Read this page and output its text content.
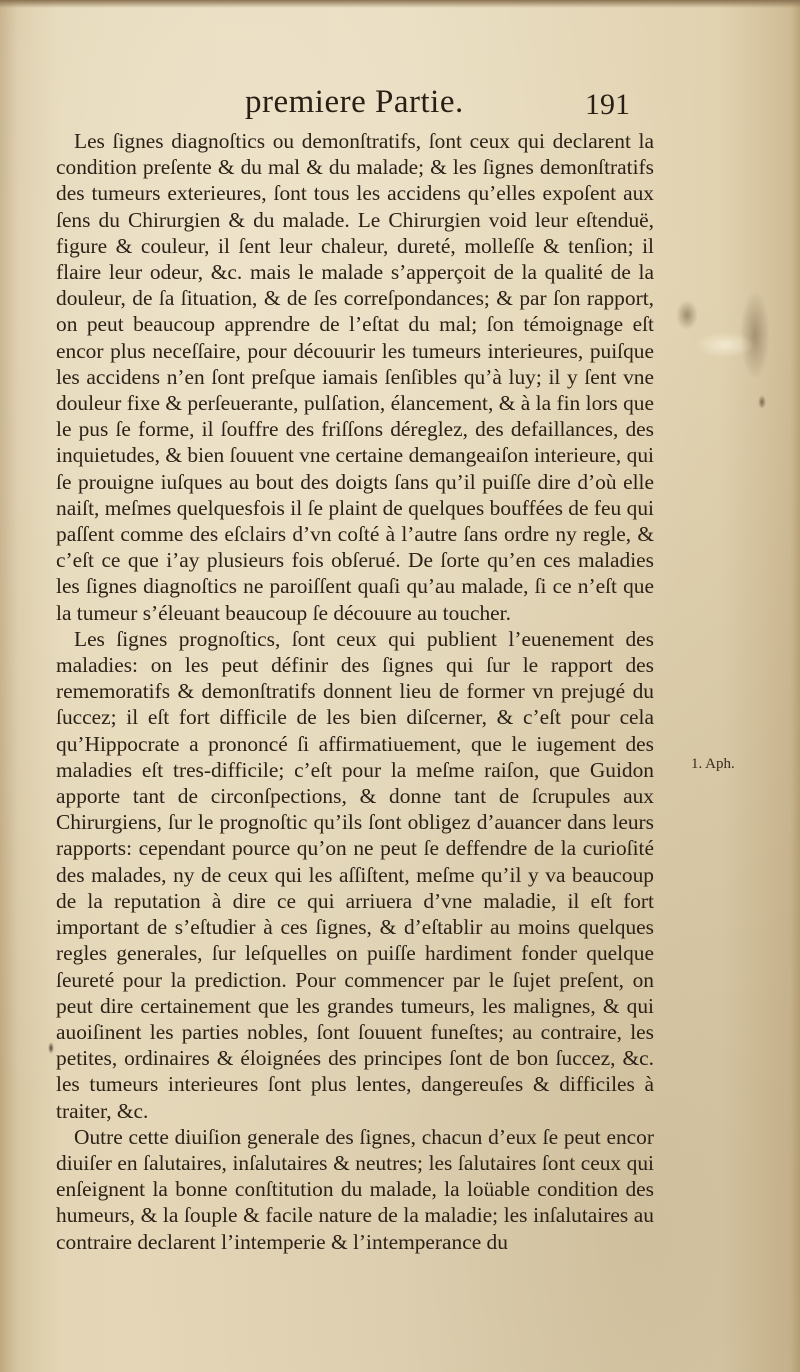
premiere Partie.	191

Les ſignes diagnoſtics ou demonſtratifs, ſont ceux qui declarent la condition preſente & du mal & du malade; & les ſignes demonſtratifs des tumeurs exterieures, ſont tous les accidens qu’elles expoſent aux ſens du Chirurgien & du malade. Le Chirurgien void leur eſtenduë, figure & couleur, il ſent leur chaleur, dureté, molleſſe & tenſion; il flaire leur odeur, &c. mais le malade s’apperçoit de la qualité de la douleur, de ſa ſituation, & de ſes correſpondances; & par ſon rapport, on peut beaucoup apprendre de l’eſtat du mal; ſon témoignage eſt encor plus neceſſaire, pour découurir les tumeurs interieures, puiſque les accidens n’en ſont preſque iamais ſenſibles qu’à luy; il y ſent vne douleur fixe & perſeuerante, pulſation, élancement, & à la fin lors que le pus ſe forme, il ſouffre des friſſons déreglez, des defaillances, des inquietudes, & bien ſouuent vne certaine demangeaiſon interieure, qui ſe prouigne iuſques au bout des doigts ſans qu’il puiſſe dire d’où elle naiſt, meſmes quelquesfois il ſe plaint de quelques bouffées de feu qui paſſent comme des eſclairs d’vn coſté à l’autre ſans ordre ny regle, & c’eſt ce que i’ay plusieurs fois obſerué. De ſorte qu’en ces maladies les ſignes diagnoſtics ne paroiſſent quaſi qu’au malade, ſi ce n’eſt que la tumeur s’éleuant beaucoup ſe découure au toucher.

Les ſignes prognoſtics, ſont ceux qui publient l’euenement des maladies: on les peut définir des ſignes qui ſur le rapport des rememoratifs & demonſtratifs donnent lieu de former vn prejugé du ſuccez; il eſt fort difficile de les bien diſcerner, & c’eſt pour cela qu’Hippocrate a prononcé ſi affirmatiuement, que le iugement des maladies eſt tres-difficile; c’eſt pour la meſme raiſon, que Guidon apporte tant de circonſpections, & donne tant de ſcrupules aux Chirurgiens, ſur le prognoſtic qu’ils ſont obligez d’auancer dans leurs rapports: cependant pource qu’on ne peut ſe deffendre de la curioſité des malades, ny de ceux qui les aſſiſtent, meſme qu’il y va beaucoup de la reputation à dire ce qui arriuera d’vne maladie, il eſt fort important de s’eſtudier à ces ſignes, & d’eſtablir au moins quelques regles generales, ſur leſquelles on puiſſe hardiment fonder quelque ſeureté pour la prediction. Pour commencer par le ſujet preſent, on peut dire certainement que les grandes tumeurs, les malignes, & qui auoiſinent les parties nobles, ſont ſouuent funeſtes; au contraire, les petites, ordinaires & éloignées des principes ſont de bon ſuccez, &c. les tumeurs interieures ſont plus lentes, dangereuſes & difficiles à traiter, &c.

Outre cette diuiſion generale des ſignes, chacun d’eux ſe peut encor diuiſer en ſalutaires, inſalutaires & neutres; les ſalutaires ſont ceux qui enſeignent la bonne conſtitution du malade, la loüable condition des humeurs, & la ſouple & facile nature de la maladie; les inſalutaires au contraire declarent l’intemperie & l’intemperance du

1. Aph.
